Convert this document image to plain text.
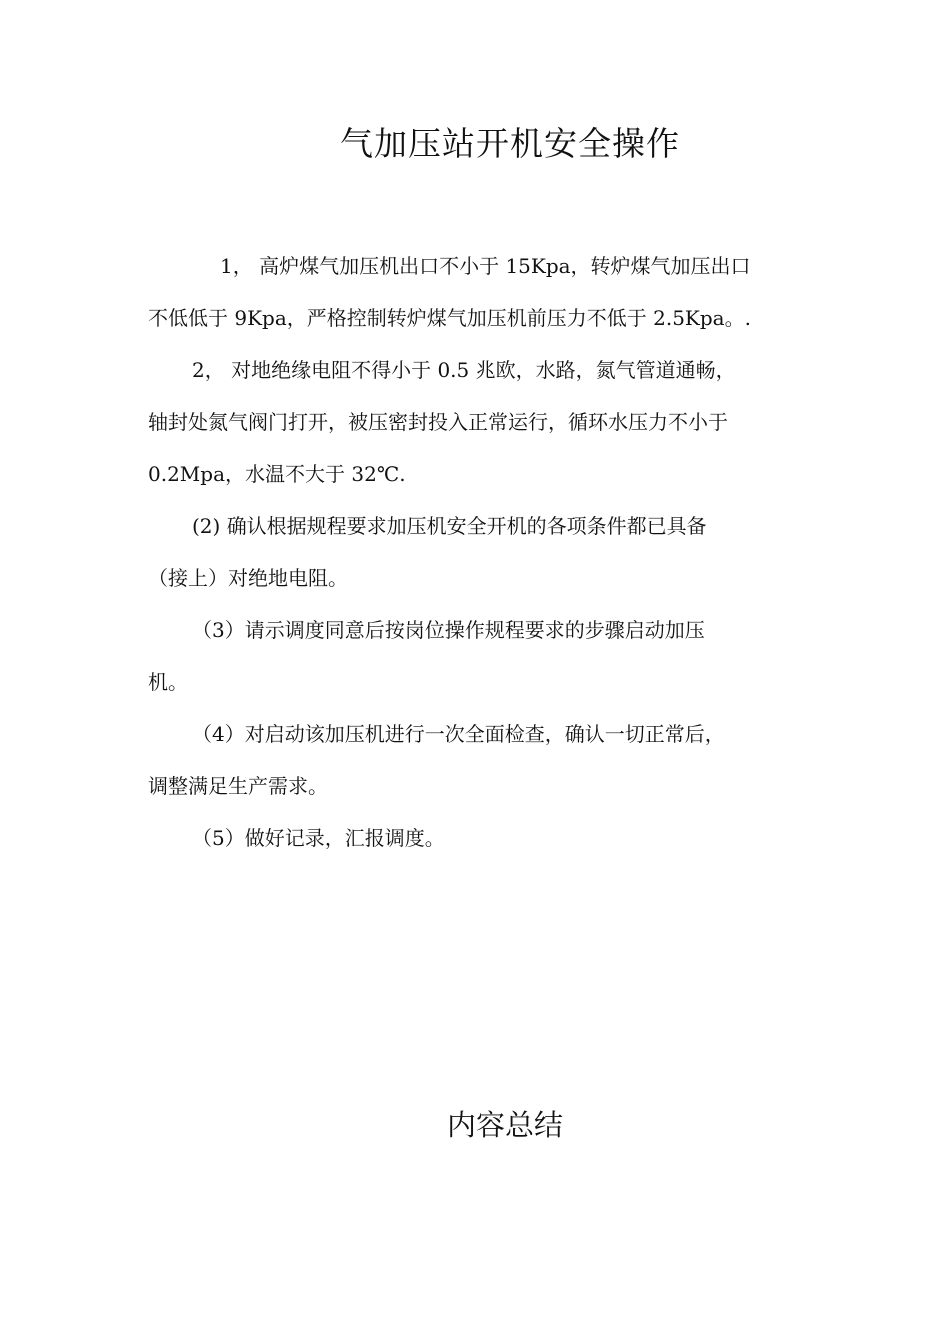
气加压站开机安全操作
1， 高炉煤气加压机出口不小于 15Kpa，转炉煤气加压出口
不低低于 9Kpa，严格控制转炉煤气加压机前压力不低于 2.5Kpa。.
2， 对地绝缘电阻不得小于 0.5 兆欧，水路，氮气管道通畅，
轴封处氮气阀门打开，被压密封投入正常运行，循环水压力不小于
0.2Mpa，水温不大于 32℃.
(2) 确认根据规程要求加压机安全开机的各项条件都已具备
（接上）对绝地电阻。
（3）请示调度同意后按岗位操作规程要求的步骤启动加压
机。
（4）对启动该加压机进行一次全面检查，确认一切正常后，
调整满足生产需求。
（5）做好记录，汇报调度。
内容总结
